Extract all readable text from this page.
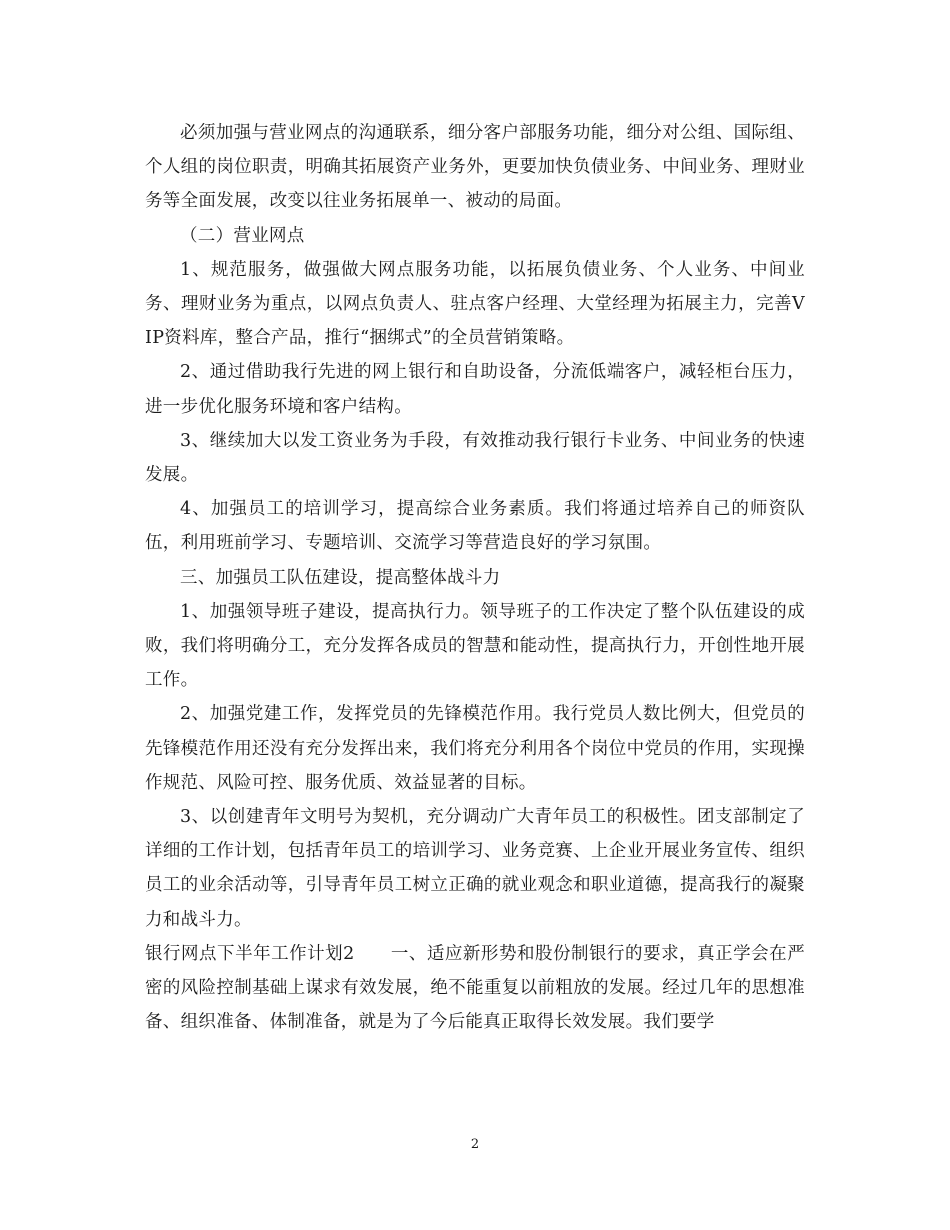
必须加强与营业网点的沟通联系，细分客户部服务功能，细分对公组、国际组、个人组的岗位职责，明确其拓展资产业务外，更要加快负债业务、中间业务、理财业务等全面发展，改变以往业务拓展单一、被动的局面。

（二）营业网点

1、规范服务，做强做大网点服务功能，以拓展负债业务、个人业务、中间业务、理财业务为重点，以网点负责人、驻点客户经理、大堂经理为拓展主力，完善VIP资料库，整合产品，推行“捆绑式”的全员营销策略。

2、通过借助我行先进的网上银行和自助设备，分流低端客户，减轻柜台压力，进一步优化服务环境和客户结构。

3、继续加大以发工资业务为手段，有效推动我行银行卡业务、中间业务的快速发展。

4、加强员工的培训学习，提高综合业务素质。我们将通过培养自己的师资队伍，利用班前学习、专题培训、交流学习等营造良好的学习氛围。

三、加强员工队伍建设，提高整体战斗力

1、加强领导班子建设，提高执行力。领导班子的工作决定了整个队伍建设的成败，我们将明确分工，充分发挥各成员的智慧和能动性，提高执行力，开创性地开展工作。

2、加强党建工作，发挥党员的先锋模范作用。我行党员人数比例大，但党员的先锋模范作用还没有充分发挥出来，我们将充分利用各个岗位中党员的作用，实现操作规范、风险可控、服务优质、效益显著的目标。

3、以创建青年文明号为契机，充分调动广大青年员工的积极性。团支部制定了详细的工作计划，包括青年员工的培训学习、业务竞赛、上企业开展业务宣传、组织员工的业余活动等，引导青年员工树立正确的就业观念和职业道德，提高我行的凝聚力和战斗力。

银行网点下半年工作计划2　　一、适应新形势和股份制银行的要求，真正学会在严密的风险控制基础上谋求有效发展，绝不能重复以前粗放的发展。经过几年的思想准备、组织准备、体制准备，就是为了今后能真正取得长效发展。我们要学

2
